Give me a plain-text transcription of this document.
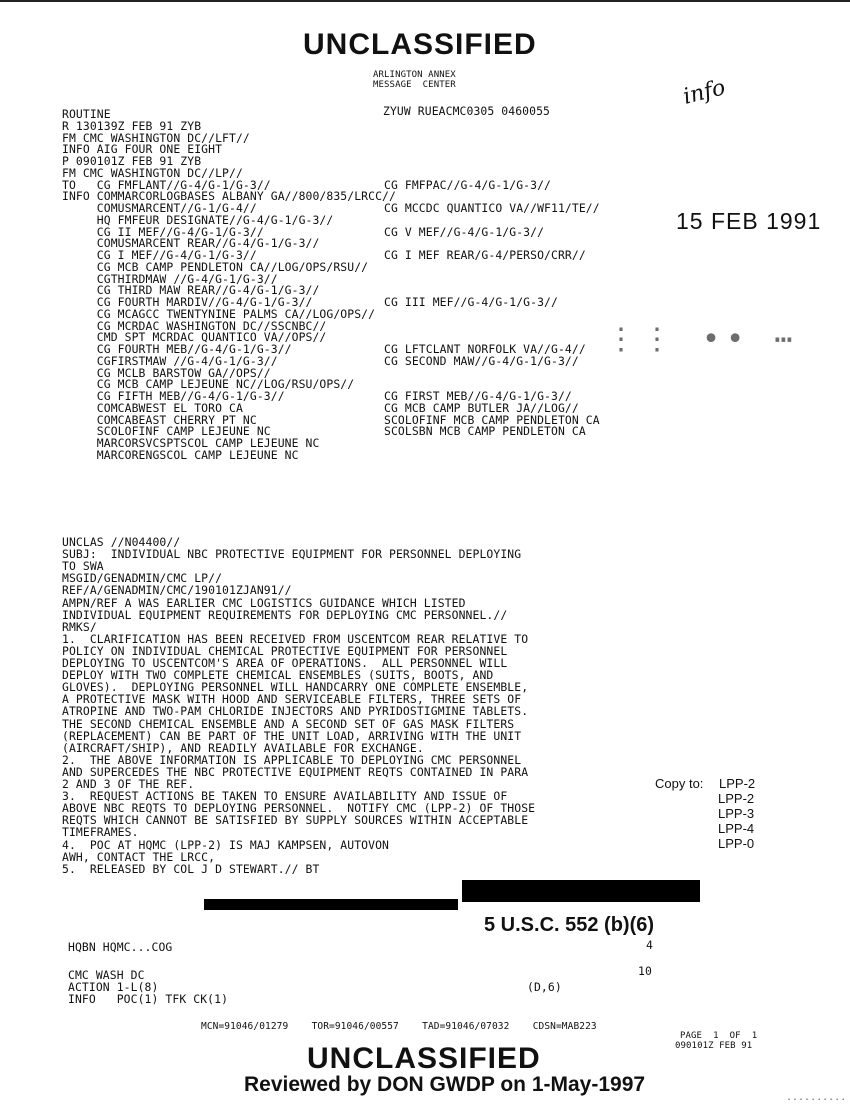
UNCLASSIFIED
ARLINGTON ANNEX
MESSAGE  CENTER
ZYUW RUEACMC0305 0460055
info
15 FEB 1991
⋮⋮ •• ⋯
ROUTINE
R 130139Z FEB 91 ZYB
FM CMC WASHINGTON DC//LFT//
INFO AIG FOUR ONE EIGHT
P 090101Z FEB 91 ZYB
FM CMC WASHINGTON DC//LP//
TO   CG FMFLANT//G-4/G-1/G-3//	CG FMFPAC//G-4/G-1/G-3//
INFO COMMARCORLOGBASES ALBANY GA//800/835/LRCC//
COMUSMARCENT//G-1/G-4//	CG MCCDC QUANTICO VA//WF11/TE//
HQ FMFEUR DESIGNATE//G-4/G-1/G-3//
CG II MEF//G-4/G-1/G-3//	CG V MEF//G-4/G-1/G-3//
COMUSMARCENT REAR//G-4/G-1/G-3//
CG I MEF//G-4/G-1/G-3//	CG I MEF REAR/G-4/PERSO/CRR//
CG MCB CAMP PENDLETON CA//LOG/OPS/RSU//
CGTHIRDMAW //G-4/G-1/G-3//
CG THIRD MAW REAR//G-4/G-1/G-3//
CG FOURTH MARDIV//G-4/G-1/G-3//	CG III MEF//G-4/G-1/G-3//
CG MCAGCC TWENTYNINE PALMS CA//LOG/OPS//
CG MCRDAC WASHINGTON DC//SSCNBC//
CMD SPT MCRDAC QUANTICO VA//OPS//
CG FOURTH MEB//G-4/G-1/G-3//	CG LFTCLANT NORFOLK VA//G-4//
CGFIRSTMAW //G-4/G-1/G-3//	CG SECOND MAW//G-4/G-1/G-3//
CG MCLB BARSTOW GA//OPS//
CG MCB CAMP LEJEUNE NC//LOG/RSU/OPS//
CG FIFTH MEB//G-4/G-1/G-3//	CG FIRST MEB//G-4/G-1/G-3//
COMCABWEST EL TORO CA	CG MCB CAMP BUTLER JA//LOG//
COMCABEAST CHERRY PT NC	SCOLOFINF MCB CAMP PENDLETON CA
SCOLOFINF CAMP LEJEUNE NC	SCOLSBN MCB CAMP PENDLETON CA
MARCORSVCSPTSCOL CAMP LEJEUNE NC
MARCORENGSCOL CAMP LEJEUNE NC
UNCLAS //N04400//
SUBJ:  INDIVIDUAL NBC PROTECTIVE EQUIPMENT FOR PERSONNEL DEPLOYING
TO SWA
MSGID/GENADMIN/CMC LP//
REF/A/GENADMIN/CMC/190101ZJAN91//
AMPN/REF A WAS EARLIER CMC LOGISTICS GUIDANCE WHICH LISTED
INDIVIDUAL EQUIPMENT REQUIREMENTS FOR DEPLOYING CMC PERSONNEL.//
RMKS/
1.  CLARIFICATION HAS BEEN RECEIVED FROM USCENTCOM REAR RELATIVE TO
POLICY ON INDIVIDUAL CHEMICAL PROTECTIVE EQUIPMENT FOR PERSONNEL
DEPLOYING TO USCENTCOM'S AREA OF OPERATIONS.  ALL PERSONNEL WILL
DEPLOY WITH TWO COMPLETE CHEMICAL ENSEMBLES (SUITS, BOOTS, AND
GLOVES).  DEPLOYING PERSONNEL WILL HANDCARRY ONE COMPLETE ENSEMBLE,
A PROTECTIVE MASK WITH HOOD AND SERVICEABLE FILTERS, THREE SETS OF
ATROPINE AND TWO-PAM CHLORIDE INJECTORS AND PYRIDOSTIGMINE TABLETS.
THE SECOND CHEMICAL ENSEMBLE AND A SECOND SET OF GAS MASK FILTERS
(REPLACEMENT) CAN BE PART OF THE UNIT LOAD, ARRIVING WITH THE UNIT
(AIRCRAFT/SHIP), AND READILY AVAILABLE FOR EXCHANGE.
2.  THE ABOVE INFORMATION IS APPLICABLE TO DEPLOYING CMC PERSONNEL
AND SUPERCEDES THE NBC PROTECTIVE EQUIPMENT REQTS CONTAINED IN PARA
2 AND 3 OF THE REF.
3.  REQUEST ACTIONS BE TAKEN TO ENSURE AVAILABILITY AND ISSUE OF
ABOVE NBC REQTS TO DEPLOYING PERSONNEL.  NOTIFY CMC (LPP-2) OF THOSE
REQTS WHICH CANNOT BE SATISFIED BY SUPPLY SOURCES WITHIN ACCEPTABLE
TIMEFRAMES.
4.  POC AT HQMC (LPP-2) IS MAJ KAMPSEN, AUTOVON
AWH, CONTACT THE LRCC,
5.  RELEASED BY COL J D STEWART.// BT
Copy to: LPP-2
LPP-2
LPP-3
LPP-4
LPP-0
5 U.S.C. 552 (b)(6)
HQBN HQMC...COG
CMC WASH DC
ACTION 1-L(8)
INFO   POC(1) TFK CK(1)
4
10
(D,6)
MCN=91046/01279    TOR=91046/00557    TAD=91046/07032    CDSN=MAB223
PAGE  1  OF  1
090101Z FEB 91
UNCLASSIFIED
Reviewed by DON GWDP on 1-May-1997
..........
